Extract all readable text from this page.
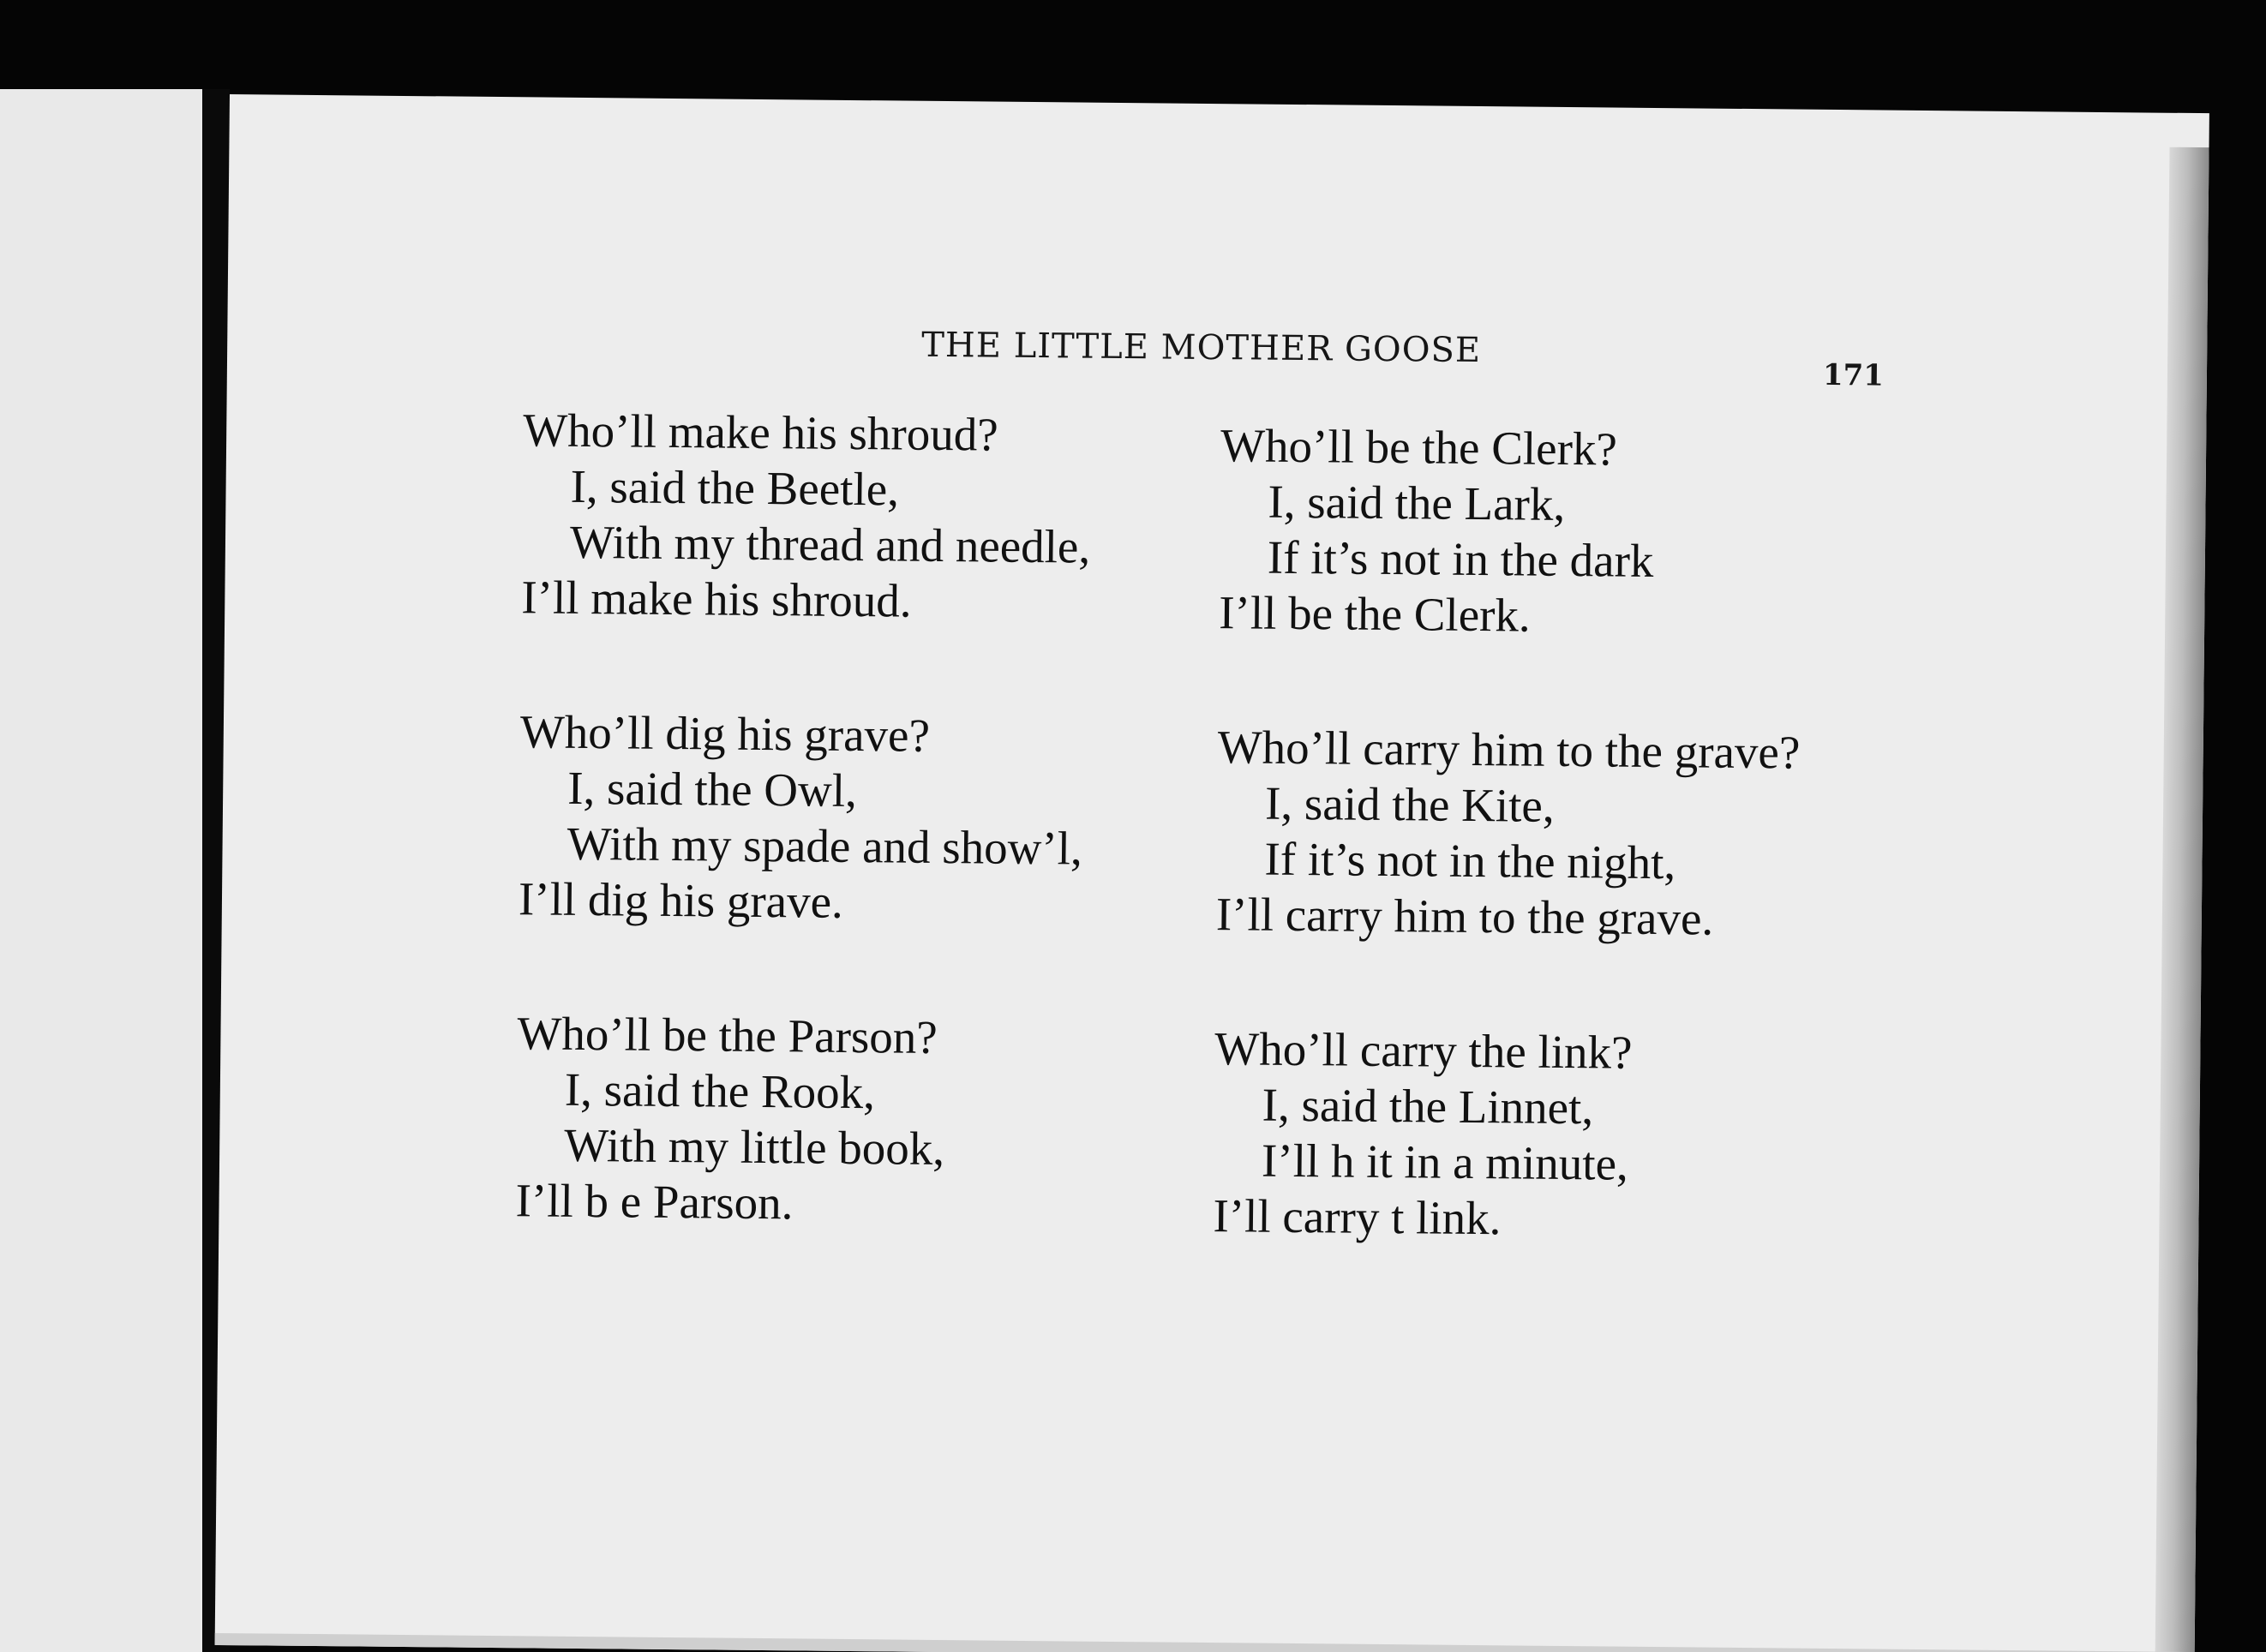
THE LITTLE MOTHER GOOSE
171
Who’ll make his shroud?
I, said the Beetle,
With my thread and needle,
I’ll make his shroud.
Who’ll dig his grave?
I, said the Owl,
With my spade and show’l,
I’ll dig his grave.
Who’ll be the Parson?
I, said the Rook,
With my little book,
I’ll b e Parson.
Who’ll be the Clerk?
I, said the Lark,
If it’s not in the dark
I’ll be the Clerk.
Who’ll carry him to the grave?
I, said the Kite,
If it’s not in the night,
I’ll carry him to the grave.
Who’ll carry the link?
I, said the Linnet,
I’ll h it in a minute,
I’ll carry t link.
